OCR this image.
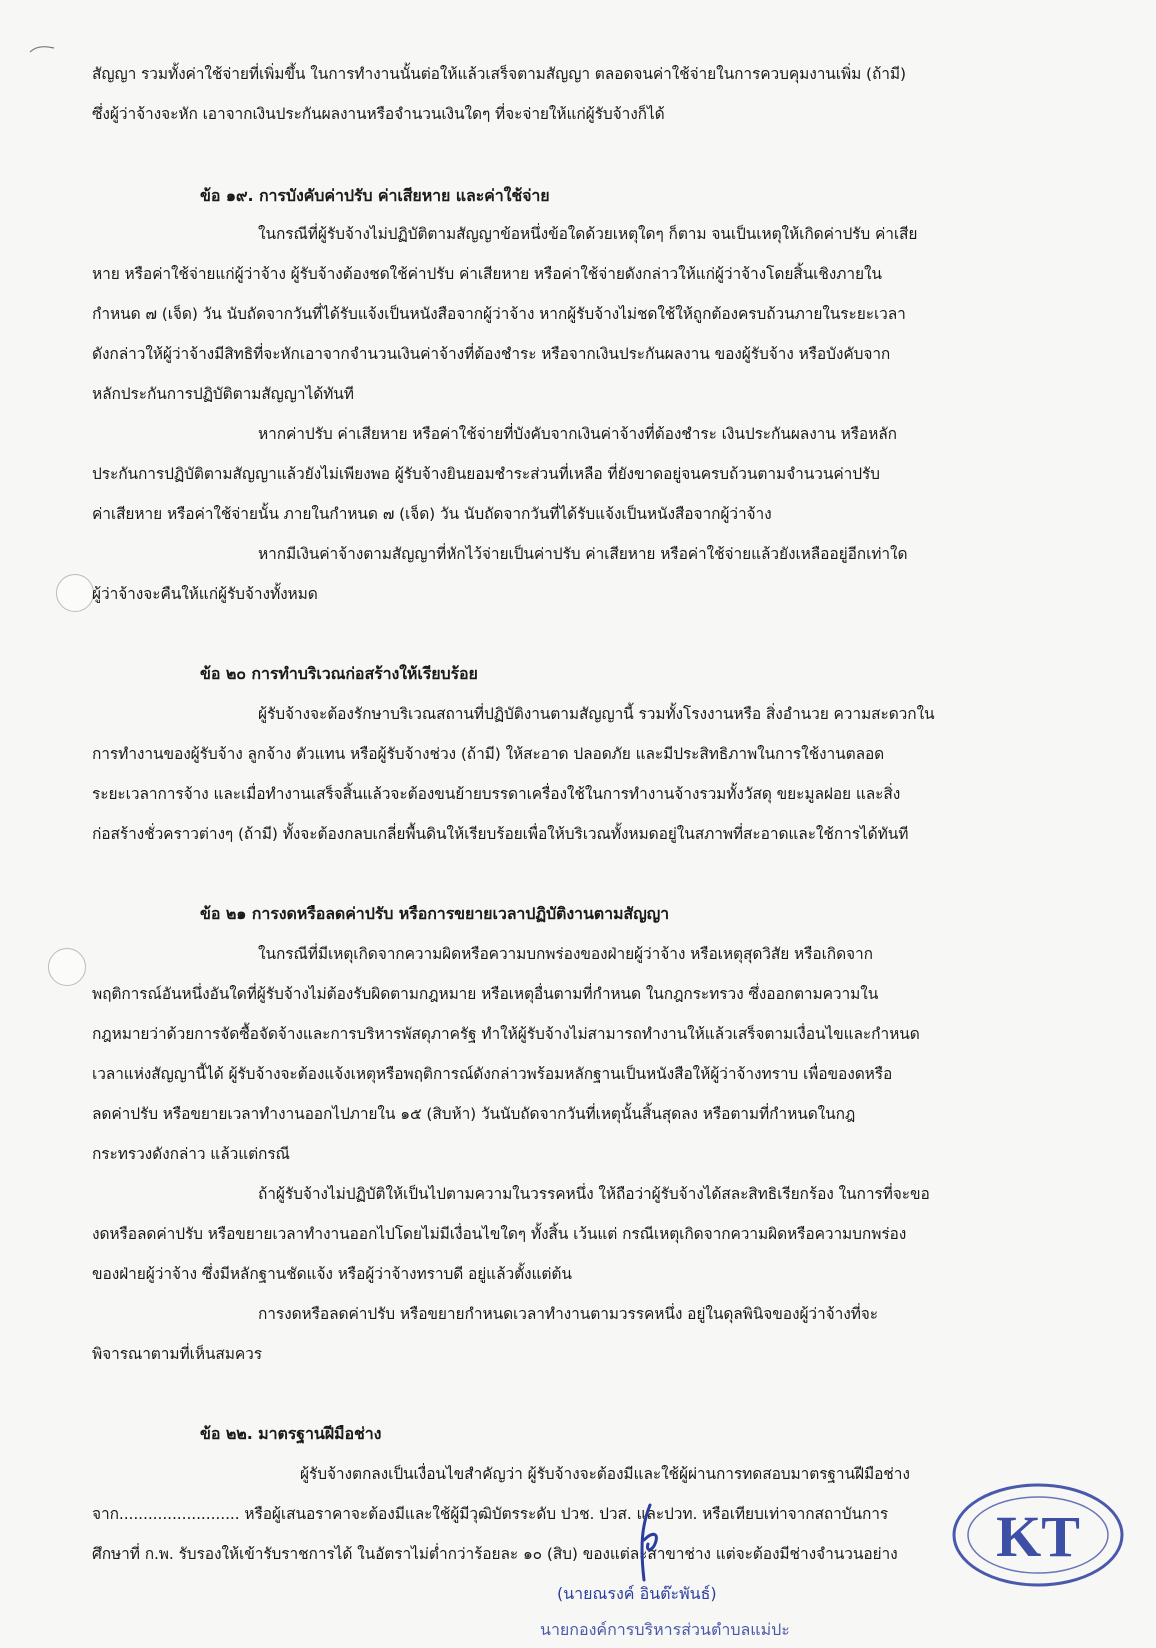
สัญญา รวมทั้งค่าใช้จ่ายที่เพิ่มขึ้น ในการทำงานนั้นต่อให้แล้วเสร็จตามสัญญา ตลอดจนค่าใช้จ่ายในการควบคุมงานเพิ่ม (ถ้ามี)
ซึ่งผู้ว่าจ้างจะหัก เอาจากเงินประกันผลงานหรือจำนวนเงินใดๆ ที่จะจ่ายให้แก่ผู้รับจ้างก็ได้
ข้อ ๑๙. การบังคับค่าปรับ ค่าเสียหาย และค่าใช้จ่าย
ในกรณีที่ผู้รับจ้างไม่ปฏิบัติตามสัญญาข้อหนึ่งข้อใดด้วยเหตุใดๆ ก็ตาม จนเป็นเหตุให้เกิดค่าปรับ ค่าเสีย
หาย หรือค่าใช้จ่ายแก่ผู้ว่าจ้าง ผู้รับจ้างต้องชดใช้ค่าปรับ ค่าเสียหาย หรือค่าใช้จ่ายดังกล่าวให้แก่ผู้ว่าจ้างโดยสิ้นเชิงภายใน
กำหนด ๗ (เจ็ด) วัน นับถัดจากวันที่ได้รับแจ้งเป็นหนังสือจากผู้ว่าจ้าง หากผู้รับจ้างไม่ชดใช้ให้ถูกต้องครบถ้วนภายในระยะเวลา
ดังกล่าวให้ผู้ว่าจ้างมีสิทธิที่จะหักเอาจากจำนวนเงินค่าจ้างที่ต้องชำระ หรือจากเงินประกันผลงาน ของผู้รับจ้าง หรือบังคับจาก
หลักประกันการปฏิบัติตามสัญญาได้ทันที
หากค่าปรับ ค่าเสียหาย หรือค่าใช้จ่ายที่บังคับจากเงินค่าจ้างที่ต้องชำระ เงินประกันผลงาน หรือหลัก
ประกันการปฏิบัติตามสัญญาแล้วยังไม่เพียงพอ ผู้รับจ้างยินยอมชำระส่วนที่เหลือ ที่ยังขาดอยู่จนครบถ้วนตามจำนวนค่าปรับ
ค่าเสียหาย หรือค่าใช้จ่ายนั้น ภายในกำหนด ๗ (เจ็ด) วัน นับถัดจากวันที่ได้รับแจ้งเป็นหนังสือจากผู้ว่าจ้าง
หากมีเงินค่าจ้างตามสัญญาที่หักไว้จ่ายเป็นค่าปรับ ค่าเสียหาย หรือค่าใช้จ่ายแล้วยังเหลืออยู่อีกเท่าใด
ผู้ว่าจ้างจะคืนให้แก่ผู้รับจ้างทั้งหมด
ข้อ ๒๐ การทำบริเวณก่อสร้างให้เรียบร้อย
ผู้รับจ้างจะต้องรักษาบริเวณสถานที่ปฏิบัติงานตามสัญญานี้ รวมทั้งโรงงานหรือ สิ่งอำนวย ความสะดวกใน
การทำงานของผู้รับจ้าง ลูกจ้าง ตัวแทน หรือผู้รับจ้างช่วง (ถ้ามี) ให้สะอาด ปลอดภัย และมีประสิทธิภาพในการใช้งานตลอด
ระยะเวลาการจ้าง และเมื่อทำงานเสร็จสิ้นแล้วจะต้องขนย้ายบรรดาเครื่องใช้ในการทำงานจ้างรวมทั้งวัสดุ ขยะมูลฝอย และสิ่ง
ก่อสร้างชั่วคราวต่างๆ (ถ้ามี) ทั้งจะต้องกลบเกลี่ยพื้นดินให้เรียบร้อยเพื่อให้บริเวณทั้งหมดอยู่ในสภาพที่สะอาดและใช้การได้ทันที
ข้อ ๒๑ การงดหรือลดค่าปรับ หรือการขยายเวลาปฏิบัติงานตามสัญญา
ในกรณีที่มีเหตุเกิดจากความผิดหรือความบกพร่องของฝ่ายผู้ว่าจ้าง หรือเหตุสุดวิสัย หรือเกิดจาก
พฤติการณ์อันหนึ่งอันใดที่ผู้รับจ้างไม่ต้องรับผิดตามกฎหมาย หรือเหตุอื่นตามที่กำหนด ในกฎกระทรวง ซึ่งออกตามความใน
กฎหมายว่าด้วยการจัดซื้อจัดจ้างและการบริหารพัสดุภาครัฐ ทำให้ผู้รับจ้างไม่สามารถทำงานให้แล้วเสร็จตามเงื่อนไขและกำหนด
เวลาแห่งสัญญานี้ได้ ผู้รับจ้างจะต้องแจ้งเหตุหรือพฤติการณ์ดังกล่าวพร้อมหลักฐานเป็นหนังสือให้ผู้ว่าจ้างทราบ เพื่อของดหรือ
ลดค่าปรับ หรือขยายเวลาทำงานออกไปภายใน ๑๕ (สิบห้า) วันนับถัดจากวันที่เหตุนั้นสิ้นสุดลง หรือตามที่กำหนดในกฎ
กระทรวงดังกล่าว แล้วแต่กรณี
ถ้าผู้รับจ้างไม่ปฏิบัติให้เป็นไปตามความในวรรคหนึ่ง ให้ถือว่าผู้รับจ้างได้สละสิทธิเรียกร้อง ในการที่จะขอ
งดหรือลดค่าปรับ หรือขยายเวลาทำงานออกไปโดยไม่มีเงื่อนไขใดๆ ทั้งสิ้น เว้นแต่ กรณีเหตุเกิดจากความผิดหรือความบกพร่อง
ของฝ่ายผู้ว่าจ้าง ซึ่งมีหลักฐานชัดแจ้ง หรือผู้ว่าจ้างทราบดี อยู่แล้วตั้งแต่ต้น
การงดหรือลดค่าปรับ หรือขยายกำหนดเวลาทำงานตามวรรคหนึ่ง อยู่ในดุลพินิจของผู้ว่าจ้างที่จะ
พิจารณาตามที่เห็นสมควร
ข้อ ๒๒. มาตรฐานฝีมือช่าง
ผู้รับจ้างตกลงเป็นเงื่อนไขสำคัญว่า ผู้รับจ้างจะต้องมีและใช้ผู้ผ่านการทดสอบมาตรฐานฝีมือช่าง
จาก......................... หรือผู้เสนอราคาจะต้องมีและใช้ผู้มีวุฒิบัตรระดับ ปวช. ปวส. และปวท. หรือเทียบเท่าจากสถาบันการ
ศึกษาที่ ก.พ. รับรองให้เข้ารับราชการได้ ในอัตราไม่ต่ำกว่าร้อยละ ๑๐ (สิบ) ของแต่ละสาขาช่าง แต่จะต้องมีช่างจำนวนอย่าง KT
(นายณรงค์ อินต๊ะพันธ์)
นายกองค์การบริหารส่วนตำบลแม่ปะ
